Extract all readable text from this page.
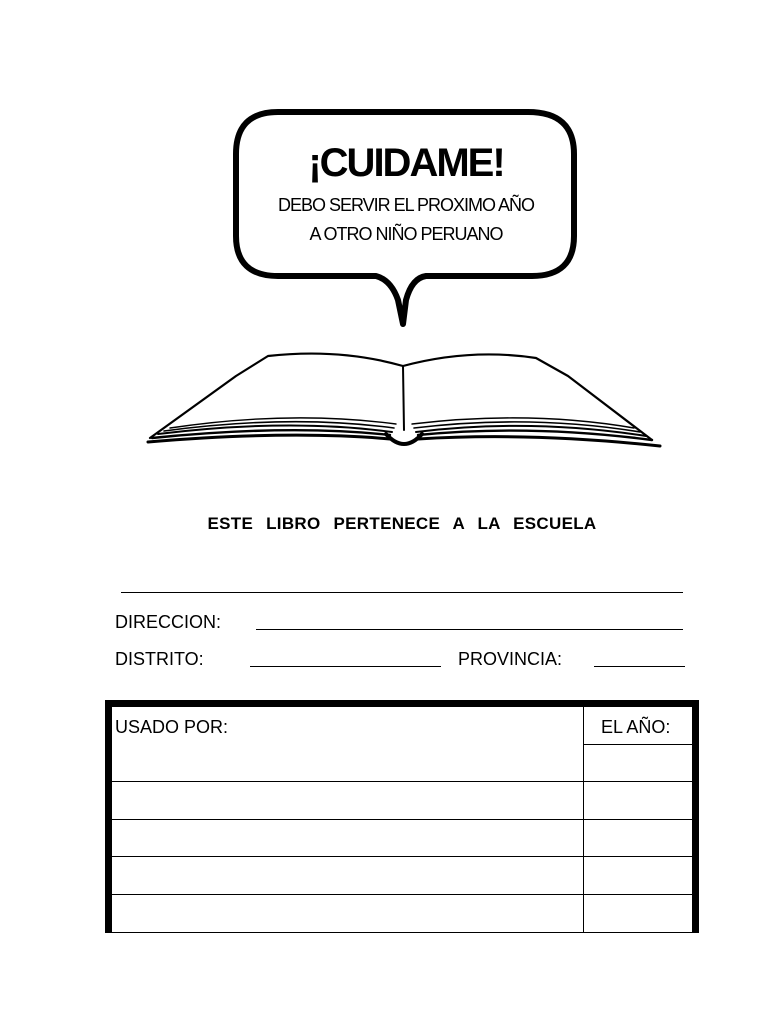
¡CUIDAME!
DEBO SERVIR EL PROXIMO AÑO
A OTRO NIÑO PERUANO
ESTE LIBRO PERTENECE A LA ESCUELA
DIRECCION:
DISTRITO:	PROVINCIA:
USADO POR:	EL AÑO:
